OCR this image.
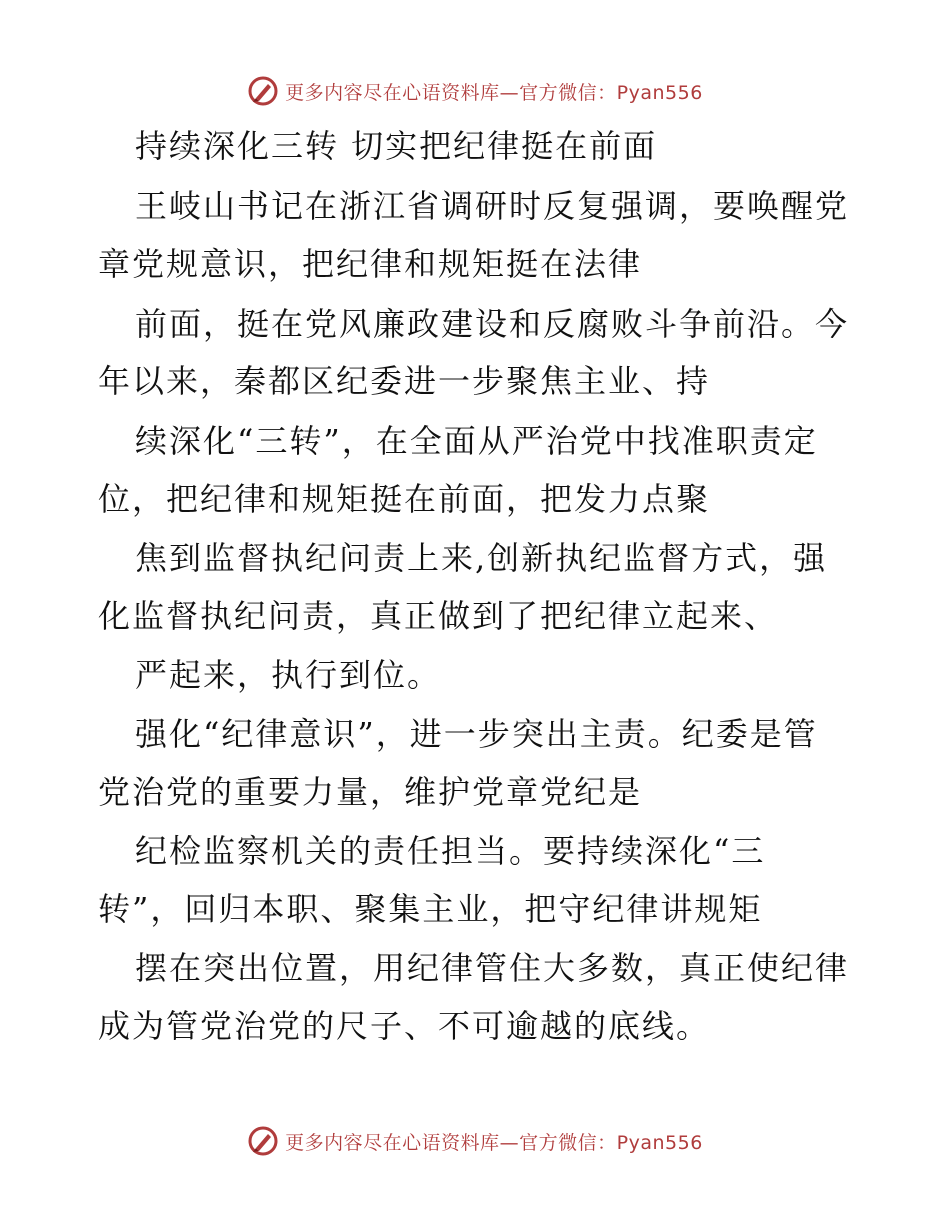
更多内容尽在心语资料库—官方微信：Pyan556
持续深化三转 切实把纪律挺在前面
王岐山书记在浙江省调研时反复强调，要唤醒党
章党规意识，把纪律和规矩挺在法律
前面，挺在党风廉政建设和反腐败斗争前沿。今
年以来，秦都区纪委进一步聚焦主业、持
续深化“三转”，在全面从严治党中找准职责定
位，把纪律和规矩挺在前面，把发力点聚
焦到监督执纪问责上来,创新执纪监督方式，强
化监督执纪问责，真正做到了把纪律立起来、
严起来，执行到位。
强化“纪律意识”，进一步突出主责。纪委是管
党治党的重要力量，维护党章党纪是
纪检监察机关的责任担当。要持续深化“三
转”，回归本职、聚集主业，把守纪律讲规矩
摆在突出位置，用纪律管住大多数，真正使纪律
成为管党治党的尺子、不可逾越的底线。
更多内容尽在心语资料库—官方微信：Pyan556
